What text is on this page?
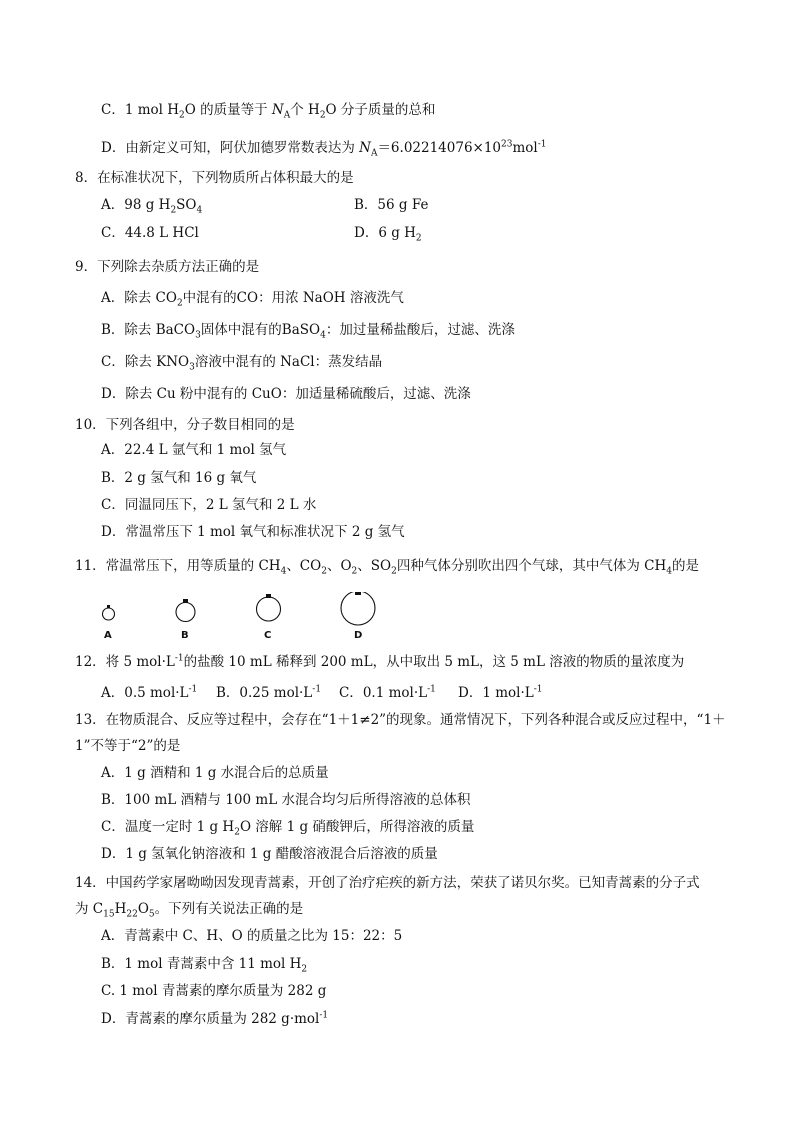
C．1 mol $H_2O$ 的质量等于 $N_A$个 $H_2O$ 分子质量的总和
D．由新定义可知，阿伏加德罗常数表达为 $N_A=6.02214076\times 10^{23}mol^{-1}$
8．在标准状况下，下列物质所占体积最大的是
A．98 g $H_2SO_4$	B．56 g Fe
C．44.8 L HCl	D．6 g $H_2$
9．下列除去杂质方法正确的是
A．除去 $CO_2$中混有的CO：用浓 NaOH 溶液洗气
B．除去 BaCO$_3$固体中混有的BaSO$_4$：加过量稀盐酸后，过滤、洗涤
C．除去 $KNO_3$溶液中混有的 NaCl：蒸发结晶
D．除去 Cu 粉中混有的 CuO：加适量稀硫酸后，过滤、洗涤
10．下列各组中，分子数目相同的是
A．22.4 L 氩气和 1 mol 氢气
B．2 g 氢气和 16 g 氧气
C．同温同压下，2 L 氢气和 2 L 水
D．常温常压下 1 mol 氧气和标准状况下 2 g 氢气
11．常温常压下，用等质量的 $CH_4$、$CO_2$、$O_2$、$SO_2$四种气体分别吹出四个气球，其中气体为 $CH_4$的是
A	B	C	D
12．将 5 $mol\cdot L^{-1}$的盐酸 10 mL 稀释到 200 mL，从中取出 5 mL，这 5 mL 溶液的物质的量浓度为
A．0.5 $mol\cdot L^{-1}$ B．0.25 $mol\cdot L^{-1}$ C．0.1 $mol\cdot L^{-1}$ D．1 $mol\cdot L^{-1}$
13．在物质混合、反应等过程中，会存在“1＋1≠2”的现象。通常情况下，下列各种混合或反应过程中，“1＋
1”不等于“2”的是
A．1 g 酒精和 1 g 水混合后的总质量
B．100 mL 酒精与 100 mL 水混合均匀后所得溶液的总体积
C．温度一定时 1 g $H_2O$ 溶解 1 g 硝酸钾后，所得溶液的质量
D．1 g 氢氧化钠溶液和 1 g 醋酸溶液混合后溶液的质量
14．中国药学家屠呦呦因发现青蒿素，开创了治疗疟疾的新方法，荣获了诺贝尔奖。已知青蒿素的分子式
为 $C_{15}H_{22}O_5$。下列有关说法正确的是
A．青蒿素中 C、H、O 的质量之比为 15：22：5
B．1 mol 青蒿素中含 11 mol $H_2$
C. 1 mol 青蒿素的摩尔质量为 282 g
D．青蒿素的摩尔质量为 282 g·mol$^{-1}$
